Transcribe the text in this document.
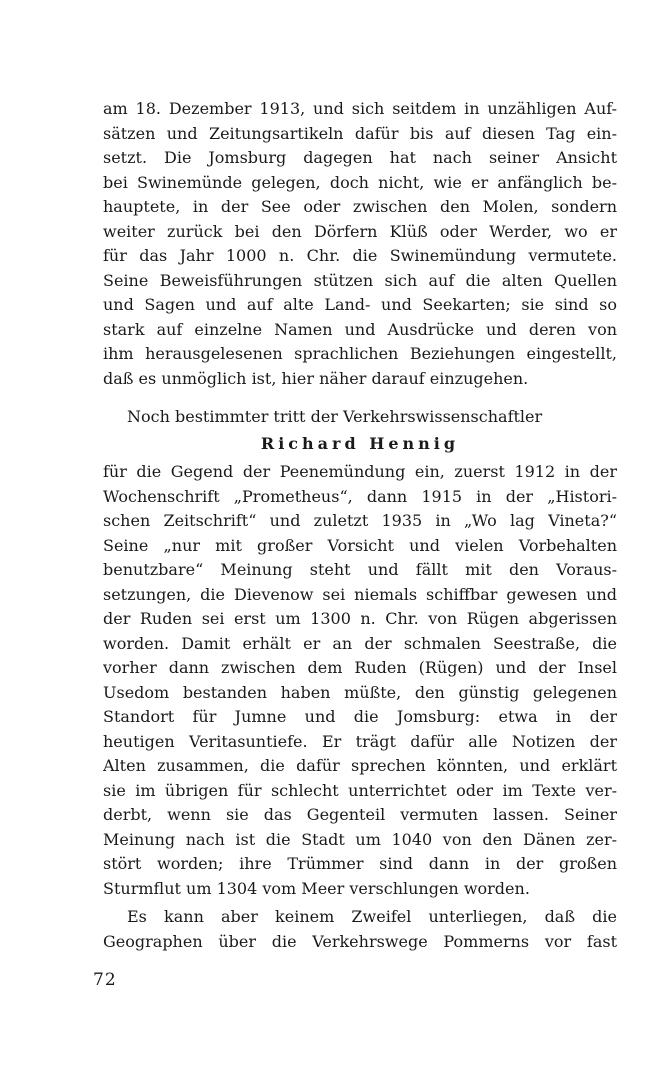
am 18. Dezember 1913, und sich seitdem in unzähligen Auf-
sätzen und Zeitungsartikeln dafür bis auf diesen Tag ein-
setzt. Die Jomsburg dagegen hat nach seiner Ansicht
bei Swinemünde gelegen, doch nicht, wie er anfänglich be-
hauptete, in der See oder zwischen den Molen, sondern
weiter zurück bei den Dörfern Klüß oder Werder, wo er
für das Jahr 1000 n. Chr. die Swinemündung vermutete.
Seine Beweisführungen stützen sich auf die alten Quellen
und Sagen und auf alte Land- und Seekarten; sie sind so
stark auf einzelne Namen und Ausdrücke und deren von
ihm herausgelesenen sprachlichen Beziehungen eingestellt,
daß es unmöglich ist, hier näher darauf einzugehen.
Noch bestimmter tritt der Verkehrswissenschaftler
Richard Hennig
für die Gegend der Peenemündung ein, zuerst 1912 in der
Wochenschrift „Prometheus“, dann 1915 in der „Histori-
schen Zeitschrift“ und zuletzt 1935 in „Wo lag Vineta?“
Seine „nur mit großer Vorsicht und vielen Vorbehalten
benutzbare“ Meinung steht und fällt mit den Voraus-
setzungen, die Dievenow sei niemals schiffbar gewesen und
der Ruden sei erst um 1300 n. Chr. von Rügen abgerissen
worden. Damit erhält er an der schmalen Seestraße, die
vorher dann zwischen dem Ruden (Rügen) und der Insel
Usedom bestanden haben müßte, den günstig gelegenen
Standort für Jumne und die Jomsburg: etwa in der
heutigen Veritasuntiefe. Er trägt dafür alle Notizen der
Alten zusammen, die dafür sprechen könnten, und erklärt
sie im übrigen für schlecht unterrichtet oder im Texte ver-
derbt, wenn sie das Gegenteil vermuten lassen. Seiner
Meinung nach ist die Stadt um 1040 von den Dänen zer-
stört worden; ihre Trümmer sind dann in der großen
Sturmflut um 1304 vom Meer verschlungen worden.
Es kann aber keinem Zweifel unterliegen, daß die
Geographen über die Verkehrswege Pommerns vor fast
72
